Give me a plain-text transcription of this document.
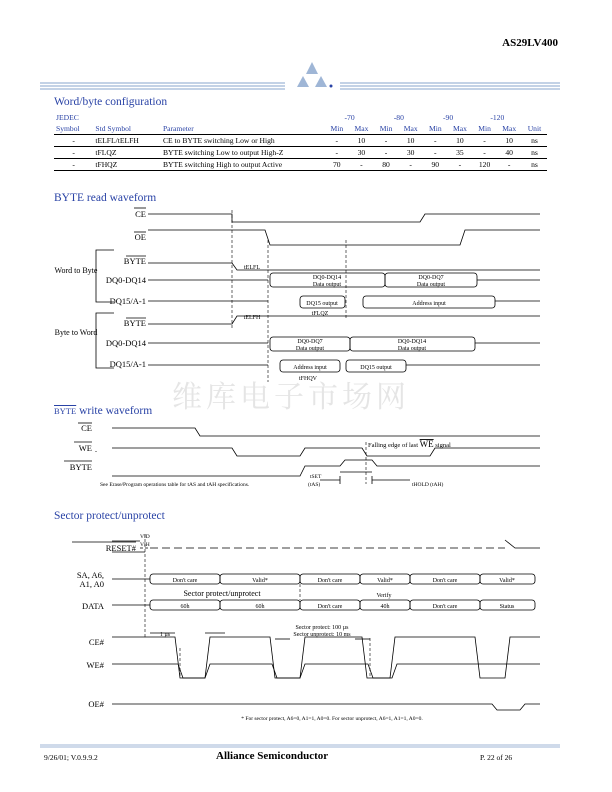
AS29LV400
Word/byte configuration
JEDEC			-70		-80		-90		-120		
Symbol	Std Symbol	Parameter	Min	Max	Min	Max	Min	Max	Min	Max	Unit
-	tELFL/tELFH	CE to BYTE switching Low or High	-	10	-	10	-	10	-	10	ns
-	tFLQZ	BYTE switching Low to output High-Z	-	30	-	30	-	35	-	40	ns
-	tFHQZ	BYTE switching High to output Active	70	-	80	-	90	-	120	-	ns
BYTE read waveform
CE
OE
BYTE
DQ0-DQ14
DQ15/A-1
BYTE
DQ0-DQ14
DQ15/A-1
Word to Byte
Byte to Word
tELFL
tELFH
tFLQZ
tFHQV
DQ0-DQ14
Data output
DQ0-DQ7
Data output
DQ15 output	Address input
DQ0-DQ7
Data output
DQ0-DQ14
Data output
Address input	DQ15 output
维库电子市场网
BYTE write waveform
CE
WE
BYTE
Falling edge of last WE signal
tSET
(tAS)	tHOLD (tAH)
See Erase/Program operations table for tAS and tAH specifications.
Sector protect/unprotect
RESET#
SA, A6,
A1, A0
DATA
CE#
WE#
OE#
VID
VIH
Don't care	Valid*	Don't care	Valid*	Don't care	Valid*
60h	60h	Don't care	40h	Don't care	Status
Verify
1 µs
Sector protect: 100 µs
Sector unprotect: 10 ms
Sector protect/unprotect
* For sector protect, A6=0, A1=1, A0=0. For sector unprotect, A6=1, A1=1, A0=0.
9/26/01; V.0.9.9.2	Alliance Semiconductor	P. 22 of 26
